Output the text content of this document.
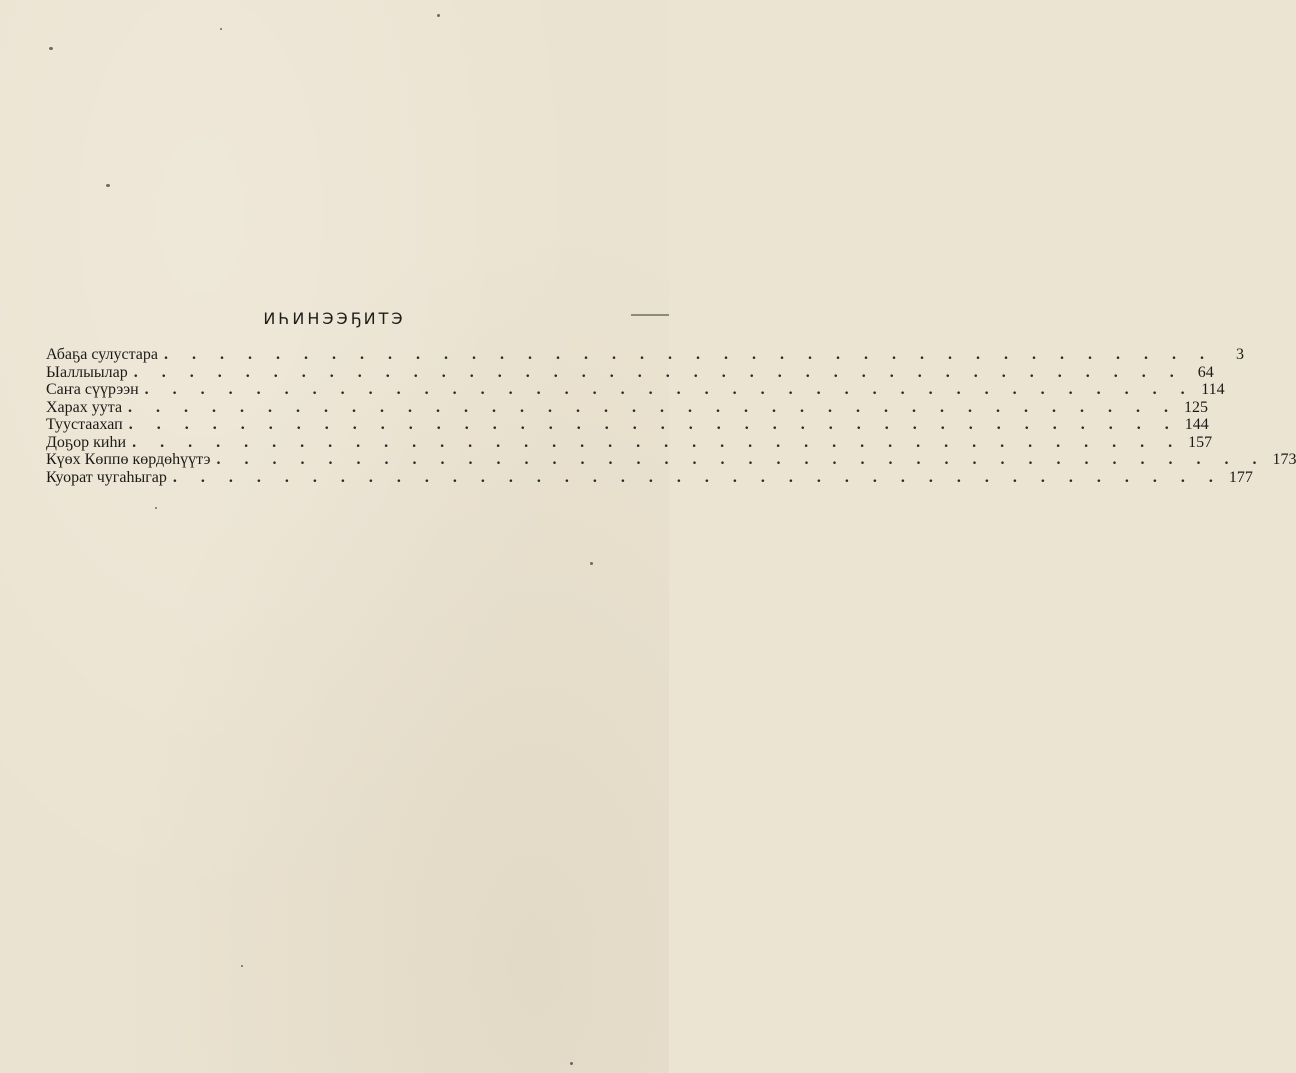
ИҺИНЭЭҔИТЭ
Абаҕа сулустара . . . . . . . . . . . . . . . . . . . . . . . . . . . . . . . . . . . . . .	3
Ыаллыылар . . . . . . . . . . . . . . . . . . . . . . . . . . . . . . . . . . . . . . 64
Саҥа сүүрээн . . . . . . . . . . . . . . . . . . . . . . . . . . . . . . . . . . . . . . 114
Харах уута . . . . . . . . . . . . . . . . . . . . . . . . . . . . . . . . . . . . . . 125
Туустаахап . . . . . . . . . . . . . . . . . . . . . . . . . . . . . . . . . . . . . . 144
Доҕор киһи . . . . . . . . . . . . . . . . . . . . . . . . . . . . . . . . . . . . . . 157
Күөх Көппө көрдөһүүтэ . . . . . . . . . . . . . . . . . . . . . . . . . . . . . . . . . . . . . . 173
Куорат чугаһыгар . . . . . . . . . . . . . . . . . . . . . . . . . . . . . . . . . . . . . . 177
